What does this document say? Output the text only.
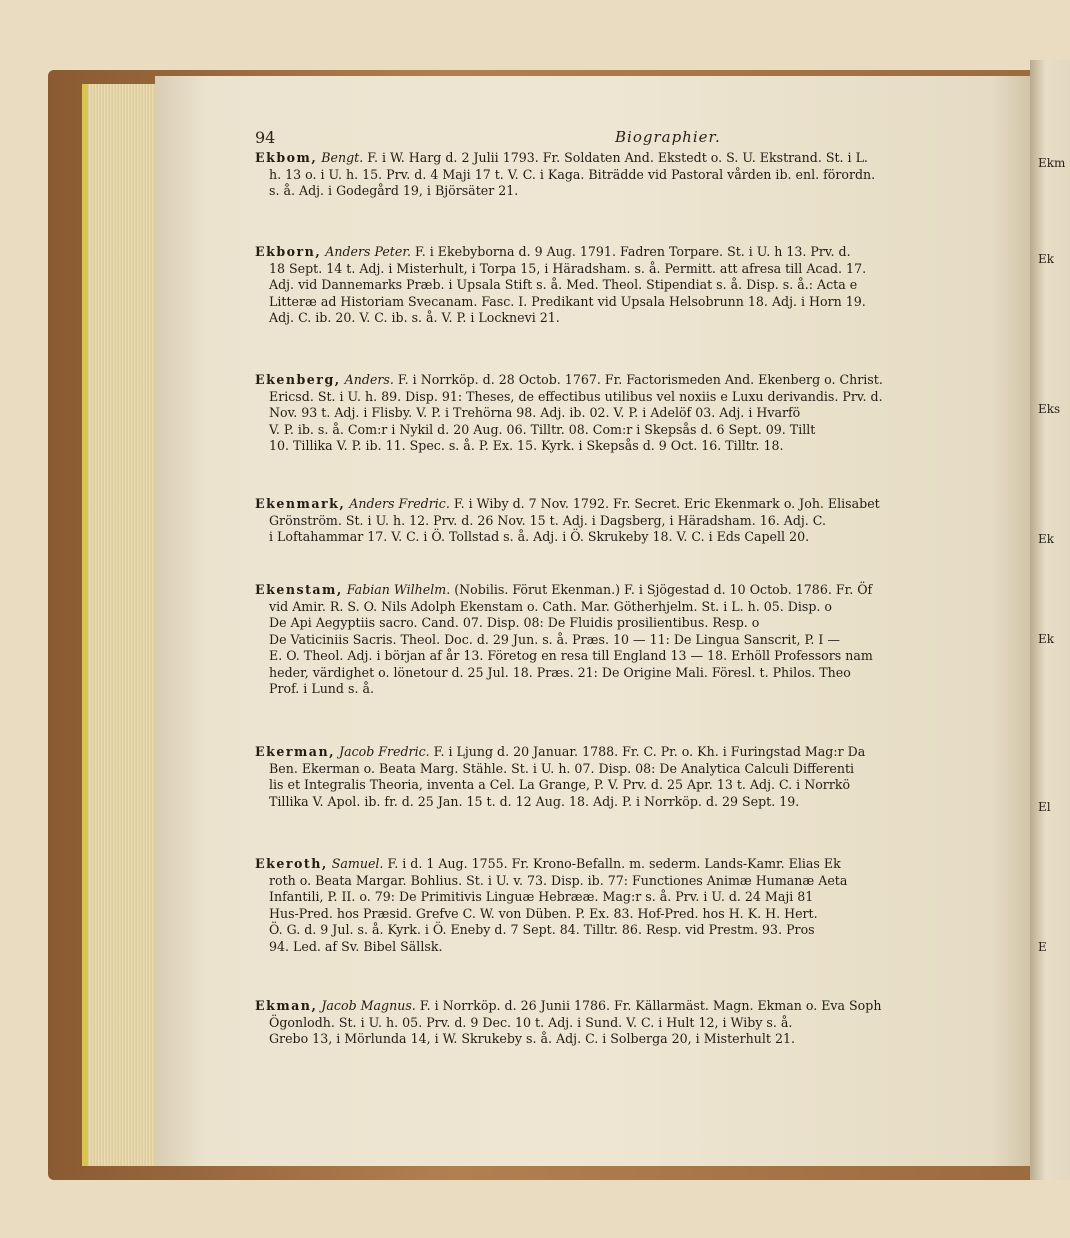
94	Biographier.
Ekbom, Bengt. F. i W. Harg d. 2 Julii 1793. Fr. Soldaten And. Ekstedt o. S. U. Ekstrand. St. i L.
h. 13 o. i U. h. 15. Prv. d. 4 Maji 17 t. V. C. i Kaga. Biträdde vid Pastoral vården ib. enl. förordn.
s. å. Adj. i Godegård 19, i Björsäter 21.
Ekborn, Anders Peter. F. i Ekebyborna d. 9 Aug. 1791. Fadren Torpare. St. i U. h 13. Prv. d.
18 Sept. 14 t. Adj. i Misterhult, i Torpa 15, i Häradsham. s. å. Permitt. att afresa till Acad. 17.
Adj. vid Dannemarks Præb. i Upsala Stift s. å. Med. Theol. Stipendiat s. å. Disp. s. å.: Acta e
Litteræ ad Historiam Svecanam. Fasc. I. Predikant vid Upsala Helsobrunn 18. Adj. i Horn 19.
Adj. C. ib. 20. V. C. ib. s. å. V. P. i Locknevi 21.
Ekenberg, Anders. F. i Norrköp. d. 28 Octob. 1767. Fr. Factorismeden And. Ekenberg o. Christ.
Ericsd. St. i U. h. 89. Disp. 91: Theses, de effectibus utilibus vel noxiis e Luxu derivandis. Prv. d.
Nov. 93 t. Adj. i Flisby. V. P. i Trehörna 98. Adj. ib. 02. V. P. i Adelöf 03. Adj. i Hvarfö
V. P. ib. s. å. Com:r i Nykil d. 20 Aug. 06. Tilltr. 08. Com:r i Skepsås d. 6 Sept. 09. Tillt
10. Tillika V. P. ib. 11. Spec. s. å. P. Ex. 15. Kyrk. i Skepsås d. 9 Oct. 16. Tilltr. 18.
Ekenmark, Anders Fredric. F. i Wiby d. 7 Nov. 1792. Fr. Secret. Eric Ekenmark o. Joh. Elisabet
Grönström. St. i U. h. 12. Prv. d. 26 Nov. 15 t. Adj. i Dagsberg, i Häradsham. 16. Adj. C.
i Loftahammar 17. V. C. i Ö. Tollstad s. å. Adj. i Ö. Skrukeby 18. V. C. i Eds Capell 20.
Ekenstam, Fabian Wilhelm. (Nobilis. Förut Ekenman.) F. i Sjögestad d. 10 Octob. 1786. Fr. Öf
vid Amir. R. S. O. Nils Adolph Ekenstam o. Cath. Mar. Götherhjelm. St. i L. h. 05. Disp. o
De Api Aegyptiis sacro. Cand. 07. Disp. 08: De Fluidis prosilientibus. Resp. o
De Vaticiniis Sacris. Theol. Doc. d. 29 Jun. s. å. Præs. 10 — 11: De Lingua Sanscrit, P. I —
E. O. Theol. Adj. i början af år 13. Företog en resa till England 13 — 18. Erhöll Professors nam
heder, värdighet o. lönetour d. 25 Jul. 18. Præs. 21: De Origine Mali. Föresl. t. Philos. Theo
Prof. i Lund s. å.
Ekerman, Jacob Fredric. F. i Ljung d. 20 Januar. 1788. Fr. C. Pr. o. Kh. i Furingstad Mag:r Da
Ben. Ekerman o. Beata Marg. Stähle. St. i U. h. 07. Disp. 08: De Analytica Calculi Differenti
lis et Integralis Theoria, inventa a Cel. La Grange, P. V. Prv. d. 25 Apr. 13 t. Adj. C. i Norrkö
Tillika V. Apol. ib. fr. d. 25 Jan. 15 t. d. 12 Aug. 18. Adj. P. i Norrköp. d. 29 Sept. 19.
Ekeroth, Samuel. F. i d. 1 Aug. 1755. Fr. Krono-Befalln. m. sederm. Lands-Kamr. Elias Ek
roth o. Beata Margar. Bohlius. St. i U. v. 73. Disp. ib. 77: Functiones Animæ Humanæ Aeta
Infantili, P. II. o. 79: De Primitivis Linguæ Hebrææ. Mag:r s. å. Prv. i U. d. 24 Maji 81
Hus-Pred. hos Præsid. Grefve C. W. von Düben. P. Ex. 83. Hof-Pred. hos H. K. H. Hert.
Ö. G. d. 9 Jul. s. å. Kyrk. i Ö. Eneby d. 7 Sept. 84. Tilltr. 86. Resp. vid Prestm. 93. Pros
94. Led. af Sv. Bibel Sällsk.
Ekman, Jacob Magnus. F. i Norrköp. d. 26 Junii 1786. Fr. Källarmäst. Magn. Ekman o. Eva Soph
Ögonlodh. St. i U. h. 05. Prv. d. 9 Dec. 10 t. Adj. i Sund. V. C. i Hult 12, i Wiby s. å.
Grebo 13, i Mörlunda 14, i W. Skrukeby s. å. Adj. C. i Solberga 20, i Misterhult 21.
Ekm
Ek
Eks
Ek
Ek
El
E
